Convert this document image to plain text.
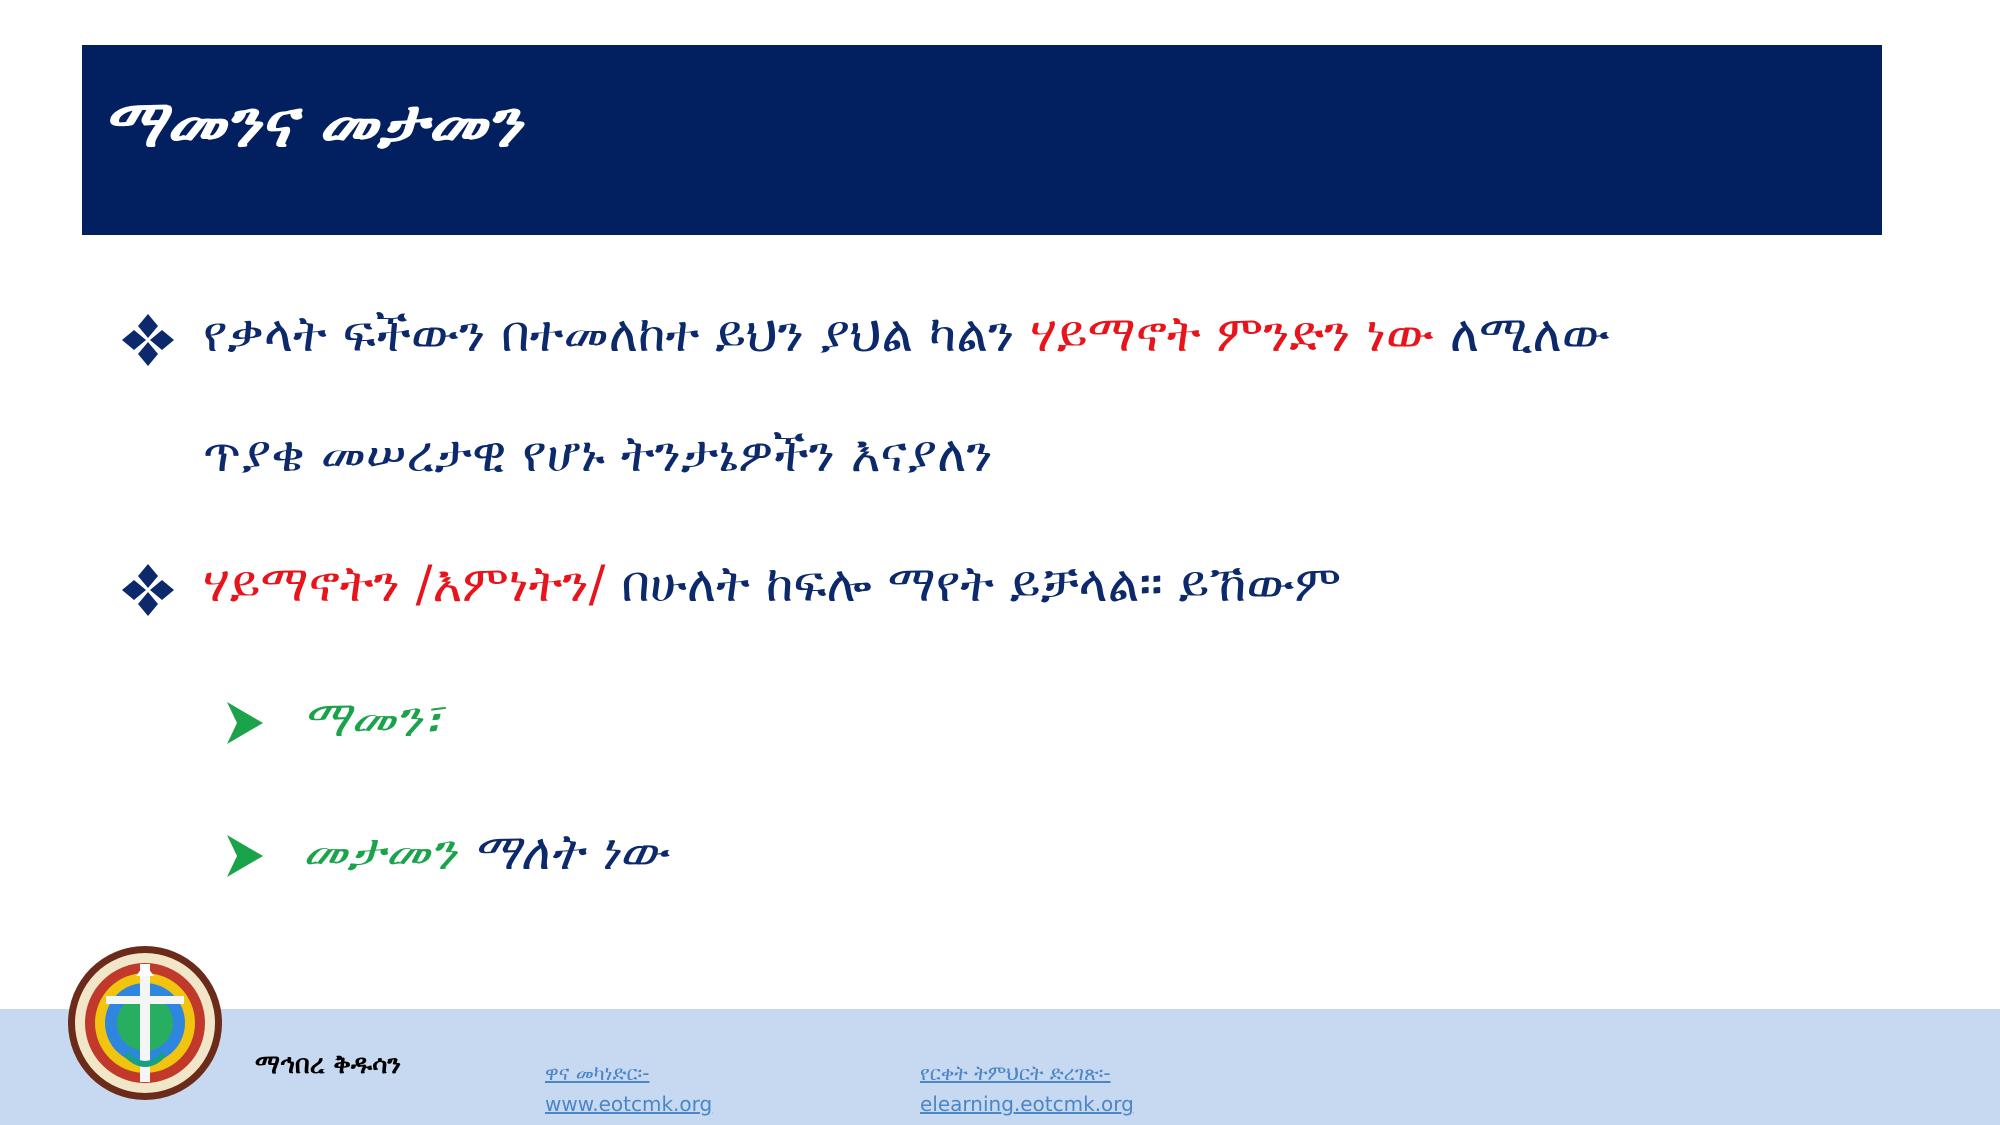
ማመንና መታመን
የቃላት ፍችውን በተመለከተ ይህን ያህል ካልን ሃይማኖት ምንድን ነው ለሚለው
ጥያቄ መሠረታዊ የሆኑ ትንታኔዎችን እናያለን
ሃይማኖትን /እምነትን/ በሁለት ከፍሎ ማየት ይቻላል። ይኸውም
ማመን፣
መታመን ማለት ነው
ማኅበረ ቅዱሳን	ዋና መካነድር፡-
www.eotcmk.org
የርቀት ትምህርት ድረገጽ፡-
elearning.eotcmk.org
